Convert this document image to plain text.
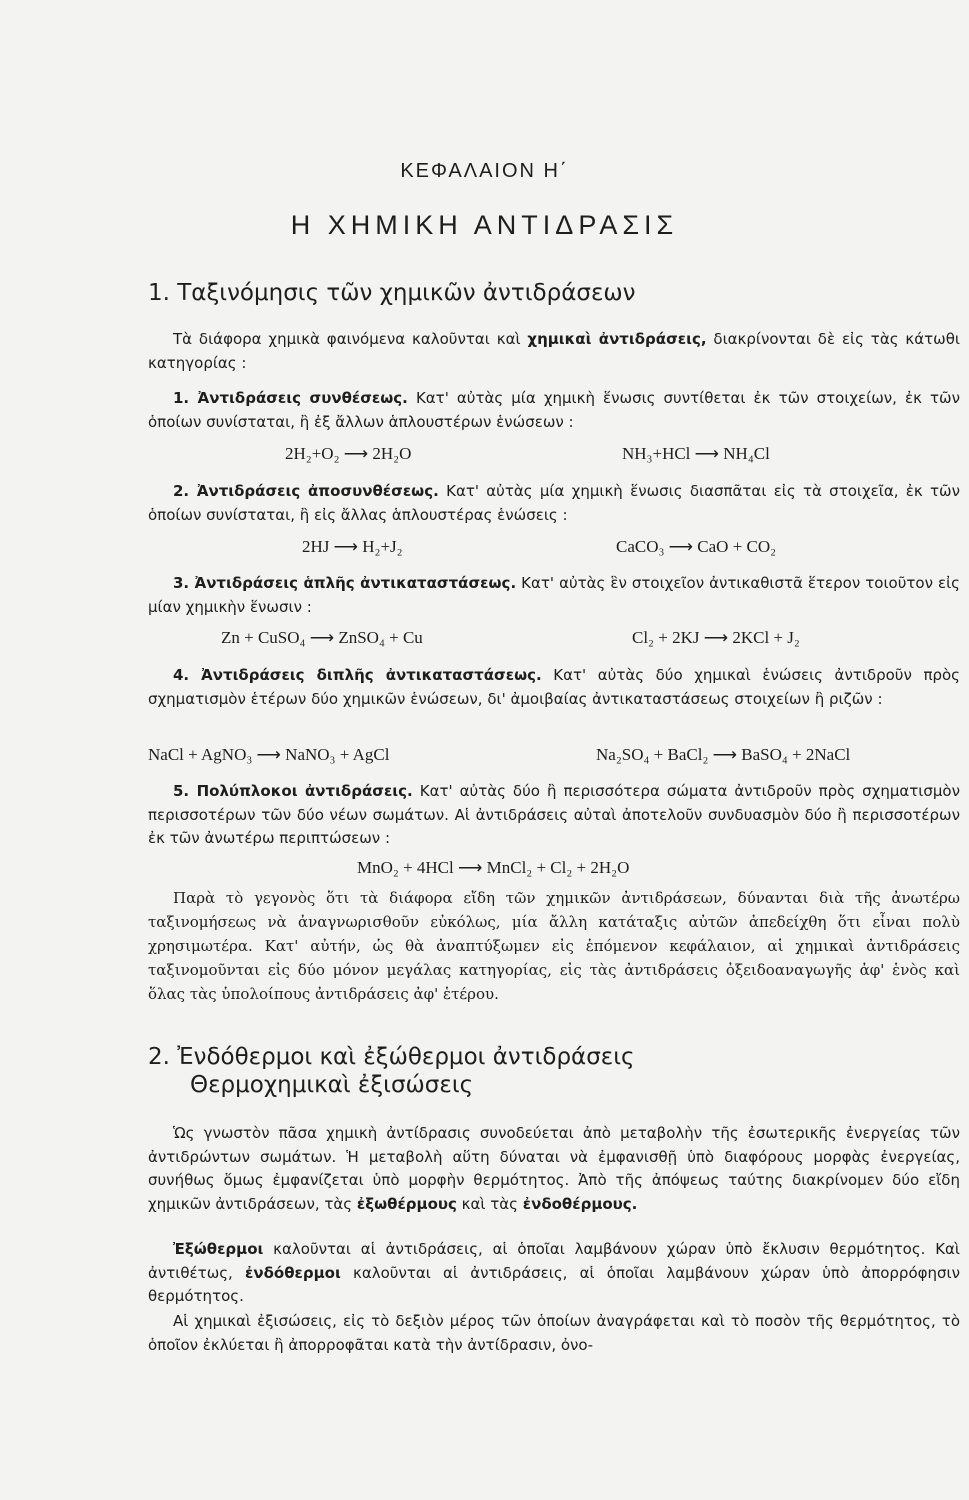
ΚΕΦΑΛΑΙΟΝ Η΄
Η ΧΗΜΙΚΗ ΑΝΤΙΔΡΑΣΙΣ
1. Ταξινόμησις τῶν χημικῶν ἀντιδράσεων
Τὰ διάφορα χημικὰ φαινόμενα καλοῦνται καὶ χημικαὶ ἀντιδράσεις, διακρίνονται δὲ εἰς τὰς κάτωθι κατηγορίας :
1. Ἀντιδράσεις συνθέσεως. Κατ' αὐτὰς μία χημικὴ ἕνωσις συντίθεται ἐκ τῶν στοιχείων, ἐκ τῶν ὁποίων συνίσταται, ἢ ἐξ ἄλλων ἁπλουστέρων ἑνώσεων :
2H₂+O₂ ⟶ 2H₂O	NH₃+HCl ⟶ NH₄Cl
2. Ἀντιδράσεις ἀποσυνθέσεως. Κατ' αὐτὰς μία χημικὴ ἕνωσις διασπᾶται εἰς τὰ στοιχεῖα, ἐκ τῶν ὁποίων συνίσταται, ἢ εἰς ἄλλας ἁπλουστέρας ἑνώσεις :
2HJ ⟶ H₂+J₂	CaCO₃ ⟶ CaO + CO₂
3. Ἀντιδράσεις ἁπλῆς ἀντικαταστάσεως. Κατ' αὐτὰς ἓν στοιχεῖον ἀντικαθιστᾶ ἕτερον τοιοῦτον εἰς μίαν χημικὴν ἕνωσιν :
Zn + CuSO₄ ⟶ ZnSO₄ + Cu	Cl₂ + 2KJ ⟶ 2KCl + J₂
4. Ἀντιδράσεις διπλῆς ἀντικαταστάσεως. Κατ' αὐτὰς δύο χημικαὶ ἑνώσεις ἀντιδροῦν πρὸς σχηματισμὸν ἑτέρων δύο χημικῶν ἑνώσεων, δι' ἀμοιβαίας ἀντικαταστάσεως στοιχείων ἢ ριζῶν :
NaCl + AgNO₃ ⟶ NaNO₃ + AgCl	Na₂SO₄ + BaCl₂ ⟶ BaSO₄ + 2NaCl
5. Πολύπλοκοι ἀντιδράσεις. Κατ' αὐτὰς δύο ἢ περισσότερα σώματα ἀντιδροῦν πρὸς σχηματισμὸν περισσοτέρων τῶν δύο νέων σωμάτων. Αἱ ἀντιδράσεις αὐταὶ ἀποτελοῦν συνδυασμὸν δύο ἢ περισσοτέρων ἐκ τῶν ἀνωτέρω περιπτώσεων :
MnO₂ + 4HCl ⟶ MnCl₂ + Cl₂ + 2H₂O
Παρὰ τὸ γεγονὸς ὅτι τὰ διάφορα εἴδη τῶν χημικῶν ἀντιδράσεων, δύνανται διὰ τῆς ἀνωτέρω ταξινομήσεως νὰ ἀναγνωρισθοῦν εὐκόλως, μία ἄλλη κατάταξις αὐτῶν ἀπεδείχθη ὅτι εἶναι πολὺ χρησιμωτέρα. Κατ' αὐτήν, ὡς θὰ ἀναπτύξωμεν εἰς ἑπόμενον κεφάλαιον, αἱ χημικαὶ ἀντιδράσεις ταξινομοῦνται εἰς δύο μόνον μεγάλας κατηγορίας, εἰς τὰς ἀντιδράσεις ὀξειδοαναγωγῆς ἀφ' ἑνὸς καὶ ὅλας τὰς ὑπολοίπους ἀντιδράσεις ἀφ' ἑτέρου.
2. Ἐνδόθερμοι καὶ ἐξώθερμοι ἀντιδράσεις
Θερμοχημικαὶ ἐξισώσεις
Ὡς γνωστὸν πᾶσα χημικὴ ἀντίδρασις συνοδεύεται ἀπὸ μεταβολὴν τῆς ἐσωτερικῆς ἐνεργείας τῶν ἀντιδρώντων σωμάτων. Ἡ μεταβολὴ αὕτη δύναται νὰ ἐμφανισθῇ ὑπὸ διαφόρους μορφὰς ἐνεργείας, συνήθως ὅμως ἐμφανίζεται ὑπὸ μορφὴν θερμότητος. Ἀπὸ τῆς ἀπόψεως ταύτης διακρίνομεν δύο εἴδη χημικῶν ἀντιδράσεων, τὰς ἐξωθέρμους καὶ τὰς ἐνδοθέρμους.
Ἐξώθερμοι καλοῦνται αἱ ἀντιδράσεις, αἱ ὁποῖαι λαμβάνουν χώραν ὑπὸ ἔκλυσιν θερμότητος. Καὶ ἀντιθέτως, ἐνδόθερμοι καλοῦνται αἱ ἀντιδράσεις, αἱ ὁποῖαι λαμβάνουν χώραν ὑπὸ ἀπορρόφησιν θερμότητος.
Αἱ χημικαὶ ἐξισώσεις, εἰς τὸ δεξιὸν μέρος τῶν ὁποίων ἀναγράφεται καὶ τὸ ποσὸν τῆς θερμότητος, τὸ ὁποῖον ἐκλύεται ἢ ἀπορροφᾶται κατὰ τὴν ἀντίδρασιν, ὀνο-
